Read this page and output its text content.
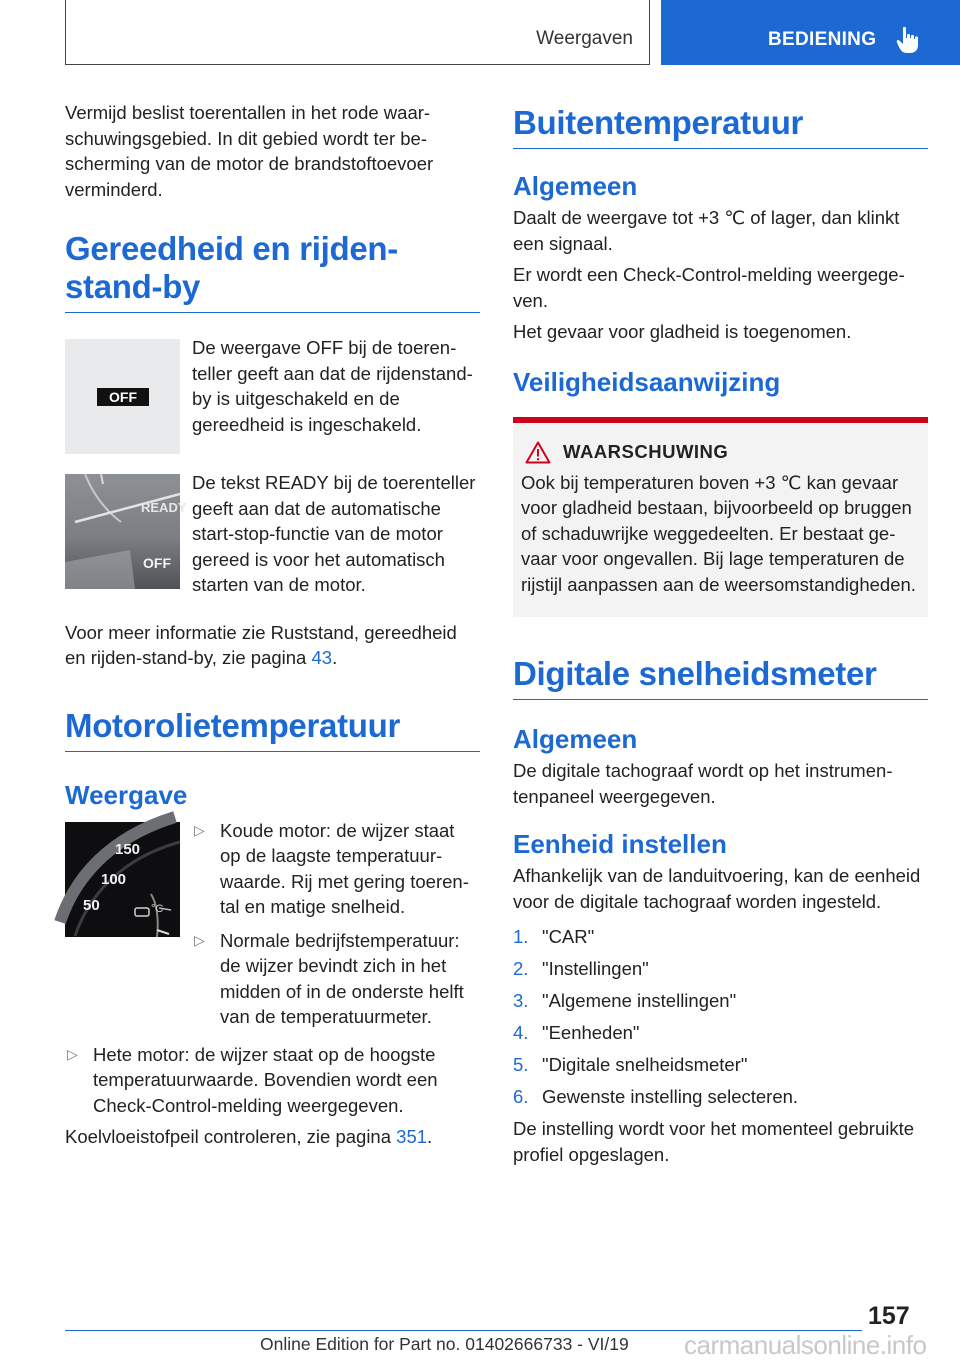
Weergaven	BEDIENING

Vermijd beslist toerentallen in het rode waarschuwingsgebied. In dit gebied wordt ter bescherming van de motor de brandstoftoevoer verminderd.

Gereedheid en rijdenstand-by
OFF

De weergave OFF bij de toerenteller geeft aan dat de rijdenstand-by is uitgeschakeld en de gereedheid is ingeschakeld.

READY
OFF

De tekst READY bij de toerenteller geeft aan dat de automatische start-stop-functie van de motor gereed is voor het automatisch starten van de motor.

Voor meer informatie zie Ruststand, gereedheid en rijden-stand-by, zie pagina 43.

Motorolietemperatuur
Weergave
150
100
50	°C
▷ Koude motor: de wijzer staat op de laagste temperatuurwaarde. Rij met gering toerental en matige snelheid.
▷ Normale bedrijfstemperatuur: de wijzer bevindt zich in het midden of in de onderste helft van de temperatuurmeter.
▷ Hete motor: de wijzer staat op de hoogste temperatuurwaarde. Bovendien wordt een Check-Control-melding weergegeven.

Koelvloeistofpeil controleren, zie pagina 351.

Buitentemperatuur
Algemeen

Daalt de weergave tot +3 ℃ of lager, dan klinkt een signaal.

Er wordt een Check-Control-melding weergegeven.

Het gevaar voor gladheid is toegenomen.

Veiligheidsaanwijzing
WAARSCHUWING

Ook bij temperaturen boven +3 ℃ kan gevaar voor gladheid bestaan, bijvoorbeeld op bruggen of schaduwrijke weggedeelten. Er bestaat gevaar voor ongevallen. Bij lage temperaturen de rijstijl aanpassen aan de weersomstandigheden.

Digitale snelheidsmeter
Algemeen

De digitale tachograaf wordt op het instrumentenpaneel weergegeven.

Eenheid instellen

Afhankelijk van de landuitvoering, kan de eenheid voor de digitale tachograaf worden ingesteld.

1. "CAR"
2. "Instellingen"
3. "Algemene instellingen"
4. "Eenheden"
5. "Digitale snelheidsmeter"
6. Gewenste instelling selecteren.

De instelling wordt voor het momenteel gebruikte profiel opgeslagen.

157
Online Edition for Part no. 01402666733 - VI/19 carmanualsonline.info
